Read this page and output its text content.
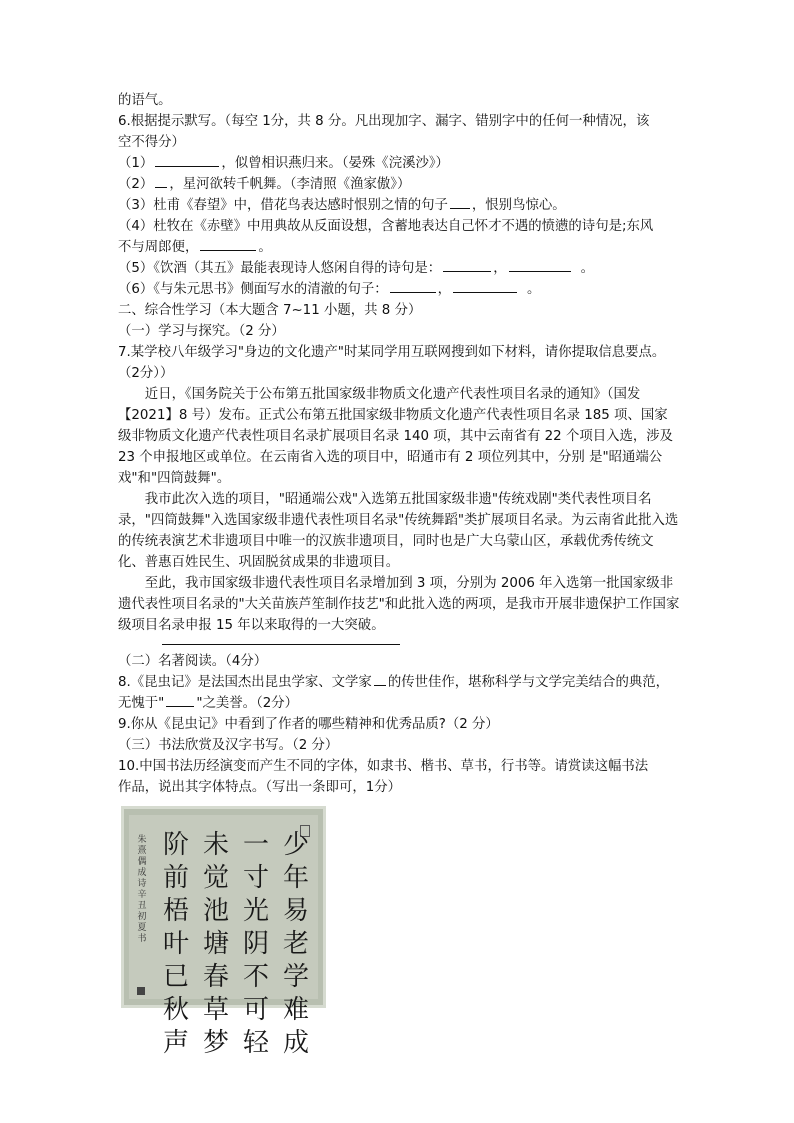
的语气。
6.根据提示默写。（每空 1分，共 8 分。凡出现加字、漏字、错别字中的任何一种情况，该
空不得分）
（1）	，似曾相识燕归来。（晏殊《浣溪沙》）
（2） ，星河欲转千帆舞。（李清照《渔家傲》）
（3）杜甫《春望》中，借花鸟表达感时恨别之情的句子 ，恨别鸟惊心。
（4）杜牧在《赤壁》中用典故从反面设想，含蓄地表达自己怀才不遇的愤懑的诗句是;东风
不与周郎便，	。
（5）《饮酒（其五》最能表现诗人悠闲自得的诗句是：	，	。
（6）《与朱元思书》侧面写水的清澈的句子：	，	。
二、综合性学习（本大题含 7~11 小题，共 8 分）
（一）学习与探究。（2 分）
7.某学校八年级学习"身边的文化遗产"时某同学用互联网搜到如下材料，请你提取信息要点。
（2分））
近日，《国务院关于公布第五批国家级非物质文化遗产代表性项目名录的通知》（国发【2021】8 号）发布。正式公布第五批国家级非物质文化遗产代表性项目名录 185 项、国家级非物质文化遗产代表性项目名录扩展项目名录 140 项，其中云南省有 22 个项目入选，涉及 23 个申报地区或单位。在云南省入选的项目中，昭通市有 2 项位列其中，分别 是"昭通端公戏"和"四筒鼓舞"。
我市此次入选的项目，"昭通端公戏"入选第五批国家级非遗"传统戏剧"类代表性项目名录，"四筒鼓舞"入选国家级非遗代表性项目名录"传统舞蹈"类扩展项目名录。为云南省此批入选的传统表演艺术非遗项目中唯一的汉族非遗项目，同时也是广大乌蒙山区，承载优秀传统文化、普惠百姓民生、巩固脱贫成果的非遗项目。
至此，我市国家级非遗代表性项目名录增加到 3 项，分别为 2006 年入选第一批国家级非遗代表性项目名录的"大关苗族芦笙制作技艺"和此批入选的两项，是我市开展非遗保护工作国家级项目名录申报 15 年以来取得的一大突破。
（二）名著阅读。（4分）
8.《昆虫记》是法国杰出昆虫学家、文学家 的传世佳作，堪称科学与文学完美结合的典范，
无愧于" "之美誉。（2分）
9.你从《昆虫记》中看到了作者的哪些精神和优秀品质?（2 分）
（三）书法欣赏及汉字书写。（2 分）
10.中国书法历经演变而产生不同的字体，如隶书、楷书、草书，行书等。请赏读这幅书法
作品，说出其字体特点。（写出一条即可，1分）
朱熹偶成诗辛丑初夏书
阶前梧叶已秋声
未觉池塘春草梦
一寸光阴不可轻
少年易老学难成
